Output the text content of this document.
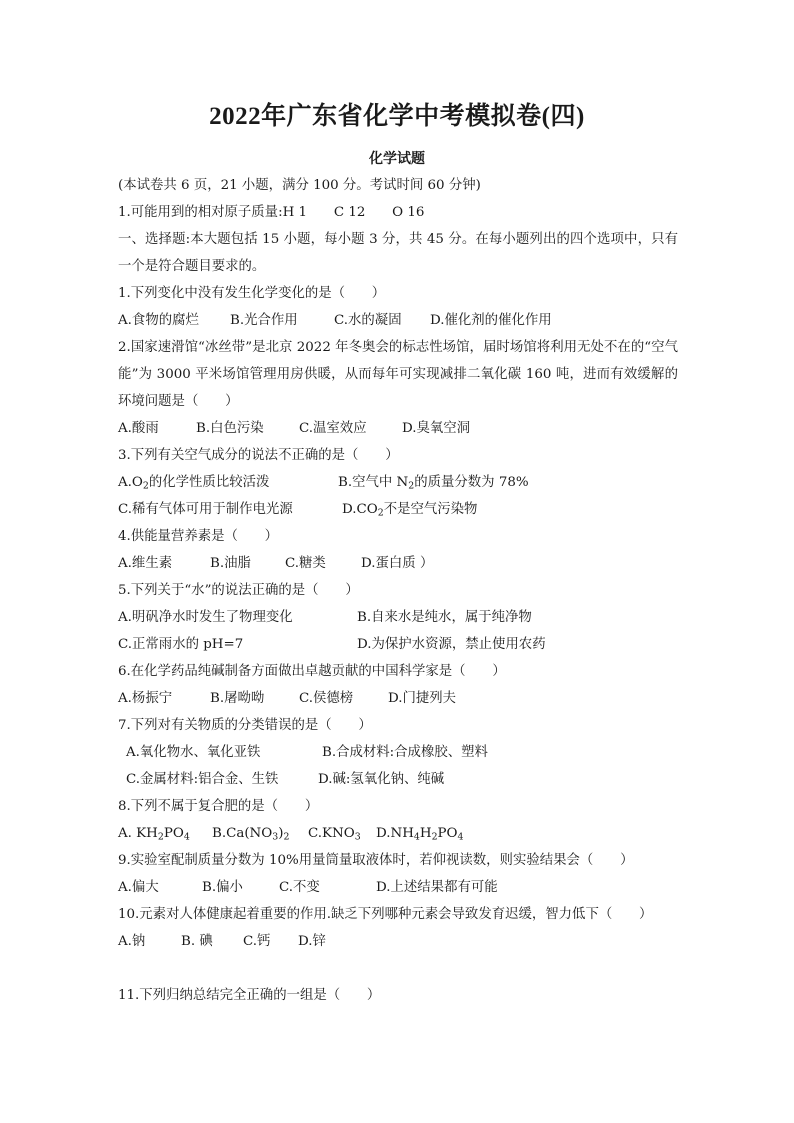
2022年广东省化学中考模拟卷(四)
化学试题
(本试卷共 6 页，21 小题，满分 100 分。考试时间 60 分钟)
1.可能用到的相对原子质量:H 1　　C 12　　O 16
一、选择题:本大题包括 15 小题，每小题 3 分，共 45 分。在每小题列出的四个选项中，只有一个是符合题目要求的。
1.下列变化中没有发生化学变化的是（　　）
A.食物的腐烂	B.光合作用	C.水的凝固	D.催化剂的催化作用
2.国家速滑馆“冰丝带”是北京 2022 年冬奥会的标志性场馆，届时场馆将利用无处不在的“空气能”为 3000 平米场馆管理用房供暖，从而每年可实现减排二氧化碳 160 吨，进而有效缓解的环境问题是（　　）
A.酸雨	B.白色污染	C.温室效应	D.臭氧空洞
3.下列有关空气成分的说法不正确的是（　　）
$A.O_2$的化学性质比较活泼	B.空气中 $N_2$的质量分数为 78%
C.稀有气体可用于制作电光源	$D.CO_2$不是空气污染物
4.供能量营养素是（　　）
A.维生素	B.油脂	C.糖类	D.蛋白质 ）
5.下列关于“水”的说法正确的是（　　）
A.明矾净水时发生了物理变化	B.自来水是纯水，属于纯净物
C.正常雨水的 pH=7	D.为保护水资源，禁止使用农药
6.在化学药品纯碱制备方面做出卓越贡献的中国科学家是（　　）
A.杨振宁	B.屠呦呦	C.侯德榜	D.门捷列夫
7.下列对有关物质的分类错误的是（　　）
A.氧化物水、氧化亚铁	B.合成材料:合成橡胶、塑料
C.金属材料:铝合金、生铁	D.碱:氢氧化钠、纯碱
8.下列不属于复合肥的是（　　）
A. $KH_2PO_4$	$B.Ca(NO_3)_2$	$C.KNO_3$	$D.NH_4H_2PO_4$
9.实验室配制质量分数为 10%用量筒量取液体时，若仰视读数，则实验结果会（　　）
A.偏大	B.偏小	C.不变	D.上述结果都有可能
10.元素对人体健康起着重要的作用.缺乏下列哪种元素会导致发育迟缓，智力低下（　　）
A.钠	B. 碘	C.钙	D.锌
11.下列归纳总结完全正确的一组是（　　）
